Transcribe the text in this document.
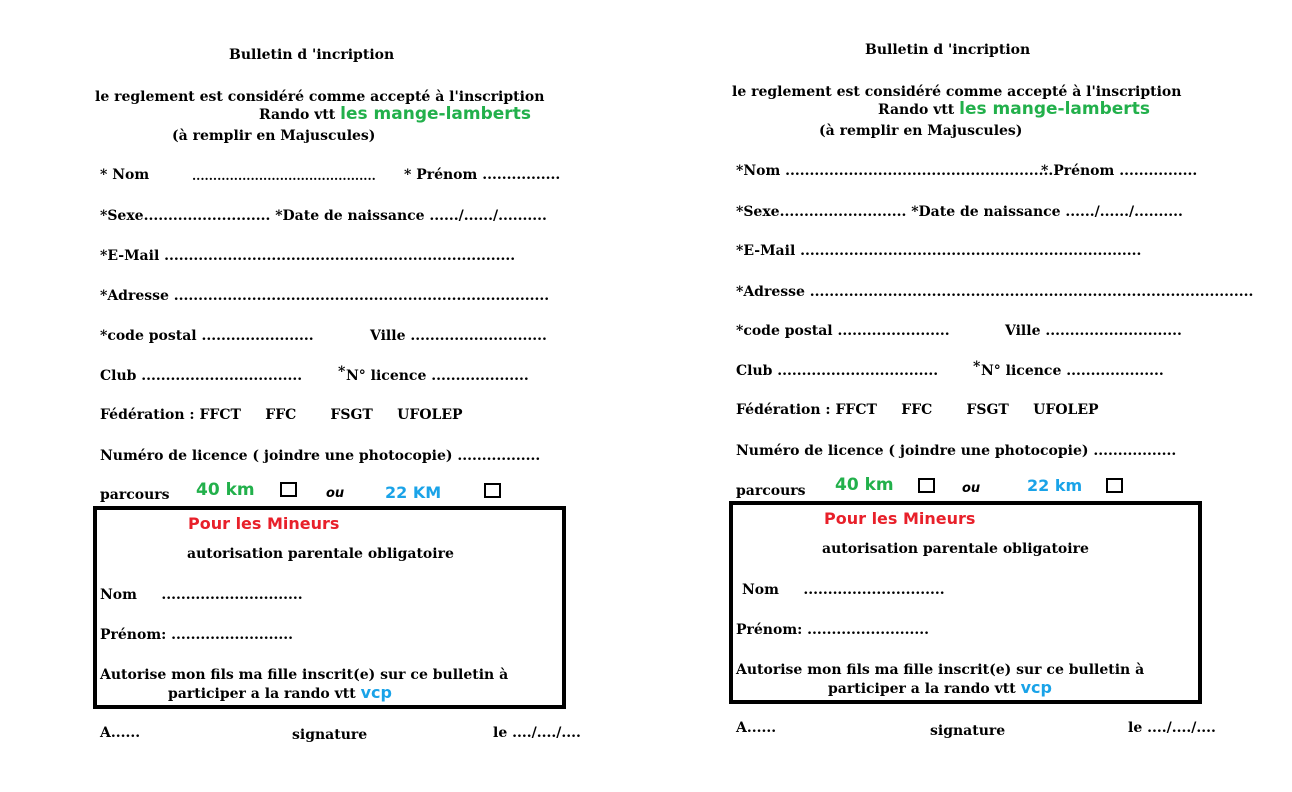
Bulletin d 'incription
le reglement est considéré comme accepté à l'inscription
Rando vtt les mange-lamberts
(à remplir en Majuscules)
* Nom	............................................ * Prénom ................
*Sexe.......................... *Date de naissance ....../....../..........
*E-Mail ........................................................................
*Adresse .............................................................................
*code postal .......................	Ville ............................
Club .................................	* N° licence ....................
Fédération : FFCT     FFC       FSGT     UFOLEP
Numéro de licence ( joindre une photocopie) .................
parcours 40 km	ou	22 KM
Pour les Mineurs
autorisation parentale obligatoire
Nom     .............................
Prénom: .........................
Autorise mon fils ma fille inscrit(e) sur ce bulletin à
participer a la rando vtt vcp
A......	signature	le ..../..../....
Bulletin d 'incription
le reglement est considéré comme accepté à l'inscription
Rando vtt les mange-lamberts
(à remplir en Majuscules)
*Nom .......................................................
* Prénom ................
*Sexe.......................... *Date de naissance ....../....../..........
*E-Mail ......................................................................
*Adresse ...........................................................................................
*code postal .......................	Ville ............................
Club ................................. * N° licence ....................
Fédération : FFCT     FFC       FSGT     UFOLEP
Numéro de licence ( joindre une photocopie) .................
parcours 40 km	ou	22 km
Pour les Mineurs
autorisation parentale obligatoire
Nom     .............................
Prénom: .........................
Autorise mon fils ma fille inscrit(e) sur ce bulletin à
participer a la rando vtt vcp
A......	signature	le ..../..../....
